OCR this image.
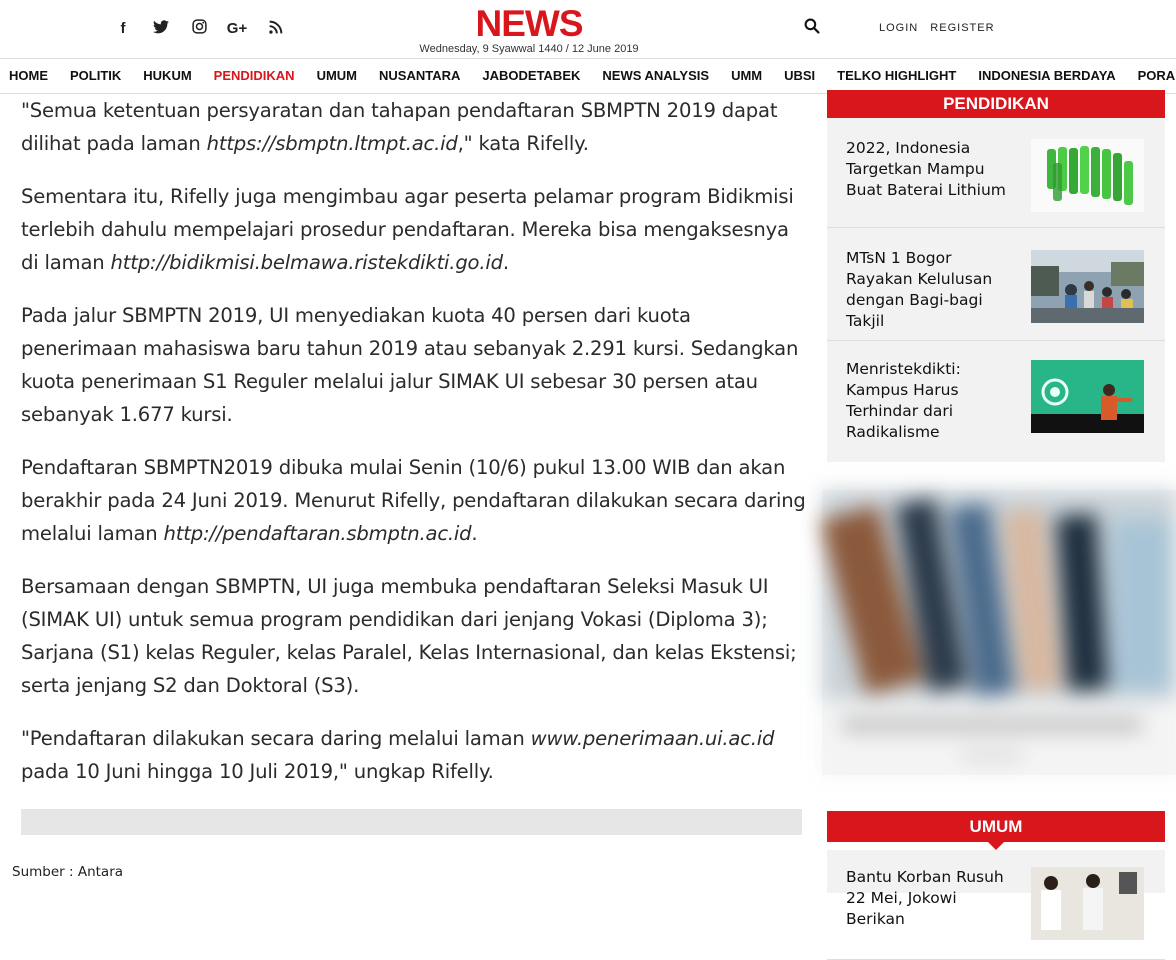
f	G+	NEWS
Wednesday, 9 Syawwal 1440 / 12 June 2019
LOGIN REGISTER
HOME POLITIK HUKUM PENDIDIKAN UMUM NUSANTARA JABODETABEK NEWS ANALYSIS UMM UBSI TELKO HIGHLIGHT INDONESIA BERDAYA PORA

"Semua ketentuan persyaratan dan tahapan pendaftaran SBMPTN 2019 dapat dilihat pada laman https://sbmptn.ltmpt.ac.id," kata Rifelly.

Sementara itu, Rifelly juga mengimbau agar peserta pelamar program Bidikmisi terlebih dahulu mempelajari prosedur pendaftaran. Mereka bisa mengaksesnya di laman http://bidikmisi.belmawa.ristekdikti.go.id.

Pada jalur SBMPTN 2019, UI menyediakan kuota 40 persen dari kuota penerimaan mahasiswa baru tahun 2019 atau sebanyak 2.291 kursi. Sedangkan kuota penerimaan S1 Reguler melalui jalur SIMAK UI sebesar 30 persen atau sebanyak 1.677 kursi.

Pendaftaran SBMPTN2019 dibuka mulai Senin (10/6) pukul 13.00 WIB dan akan berakhir pada 24 Juni 2019. Menurut Rifelly, pendaftaran dilakukan secara daring melalui laman http://pendaftaran.sbmptn.ac.id.

Bersamaan dengan SBMPTN, UI juga membuka pendaftaran Seleksi Masuk UI (SIMAK UI) untuk semua program pendidikan dari jenjang Vokasi (Diploma 3); Sarjana (S1) kelas Reguler, kelas Paralel, Kelas Internasional, dan kelas Ekstensi; serta jenjang S2 dan Doktoral (S3).

"Pendaftaran dilakukan secara daring melalui laman www.penerimaan.ui.ac.id pada 10 Juni hingga 10 Juli 2019," ungkap Rifelly.

Sumber : Antara
PENDIDIKAN
2022, Indonesia Targetkan Mampu Buat Baterai Lithium
MTsN 1 Bogor Rayakan Kelulusan dengan Bagi-bagi Takjil
Menristekdikti: Kampus Harus Terhindar dari Radikalisme
UMUM
Bantu Korban Rusuh 22 Mei, Jokowi Berikan
